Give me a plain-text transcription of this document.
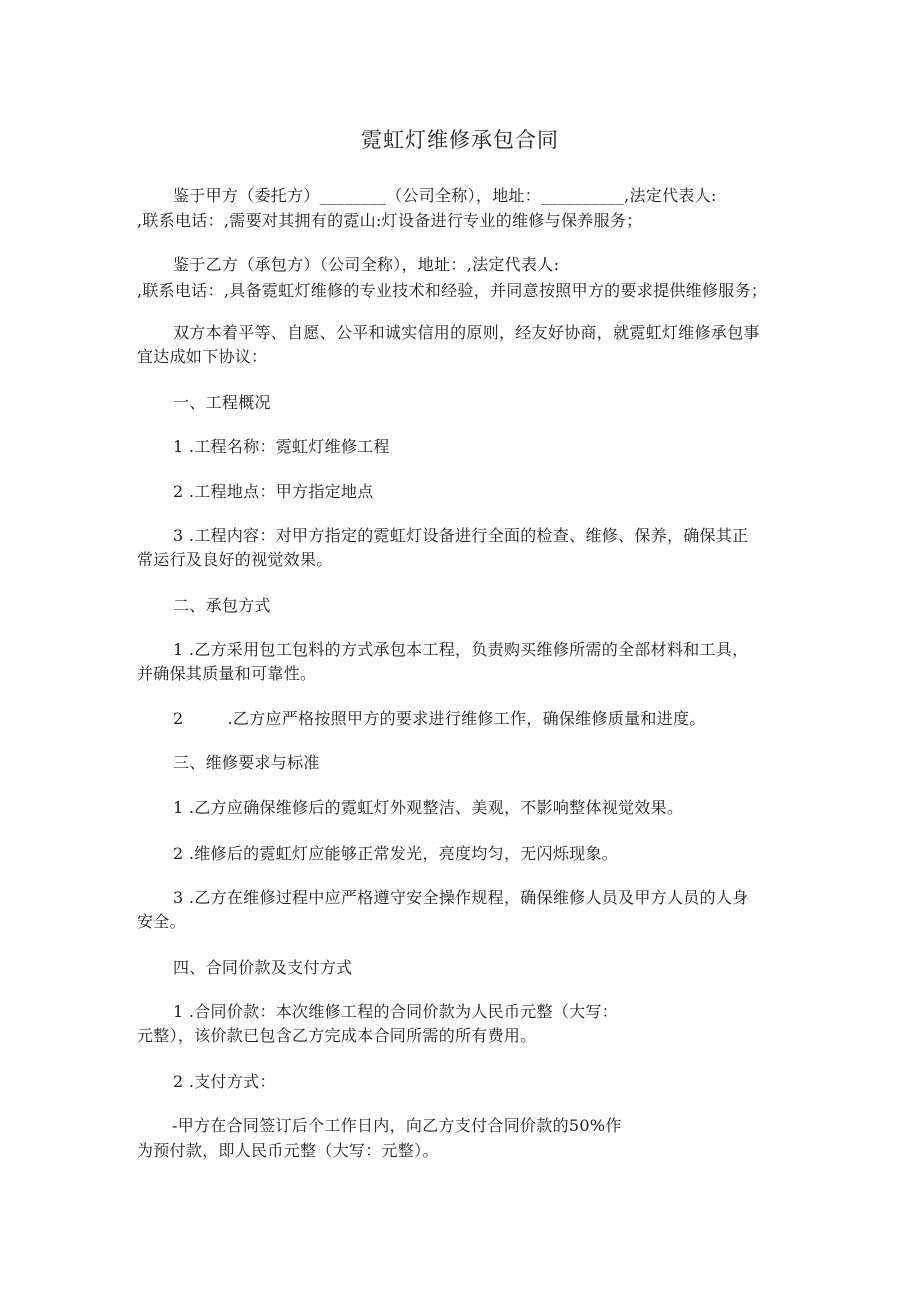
霓虹灯维修承包合同
鉴于甲方（委托方）________（公司全称），地址：__________,法定代表人:
,联系电话：,需要对其拥有的霓山:灯设备进行专业的维修与保养服务；
鉴于乙方（承包方）（公司全称），地址：,法定代表人:
,联系电话：,具备霓虹灯维修的专业技术和经验，并同意按照甲方的要求提供维修服务；
双方本着平等、自愿、公平和诚实信用的原则，经友好协商，就霓虹灯维修承包事
宜达成如下协议：
一、工程概况
1 .工程名称：霓虹灯维修工程
2 .工程地点：甲方指定地点
3 .工程内容：对甲方指定的霓虹灯设备进行全面的检查、维修、保养，确保其正
常运行及良好的视觉效果。
二、承包方式
1 .乙方采用包工包料的方式承包本工程，负责购买维修所需的全部材料和工具，
并确保其质量和可靠性。
2	.乙方应严格按照甲方的要求进行维修工作，确保维修质量和进度。
三、维修要求与标准
1 .乙方应确保维修后的霓虹灯外观整洁、美观，不影响整体视觉效果。
2 .维修后的霓虹灯应能够正常发光，亮度均匀，无闪烁现象。
3 .乙方在维修过程中应严格遵守安全操作规程，确保维修人员及甲方人员的人身
安全。
四、合同价款及支付方式
1 .合同价款：本次维修工程的合同价款为人民币元整（大写：
元整），该价款已包含乙方完成本合同所需的所有费用。
2 .支付方式：
-甲方在合同签订后个工作日内，向乙方支付合同价款的50%作
为预付款，即人民币元整（大写：元整）。
